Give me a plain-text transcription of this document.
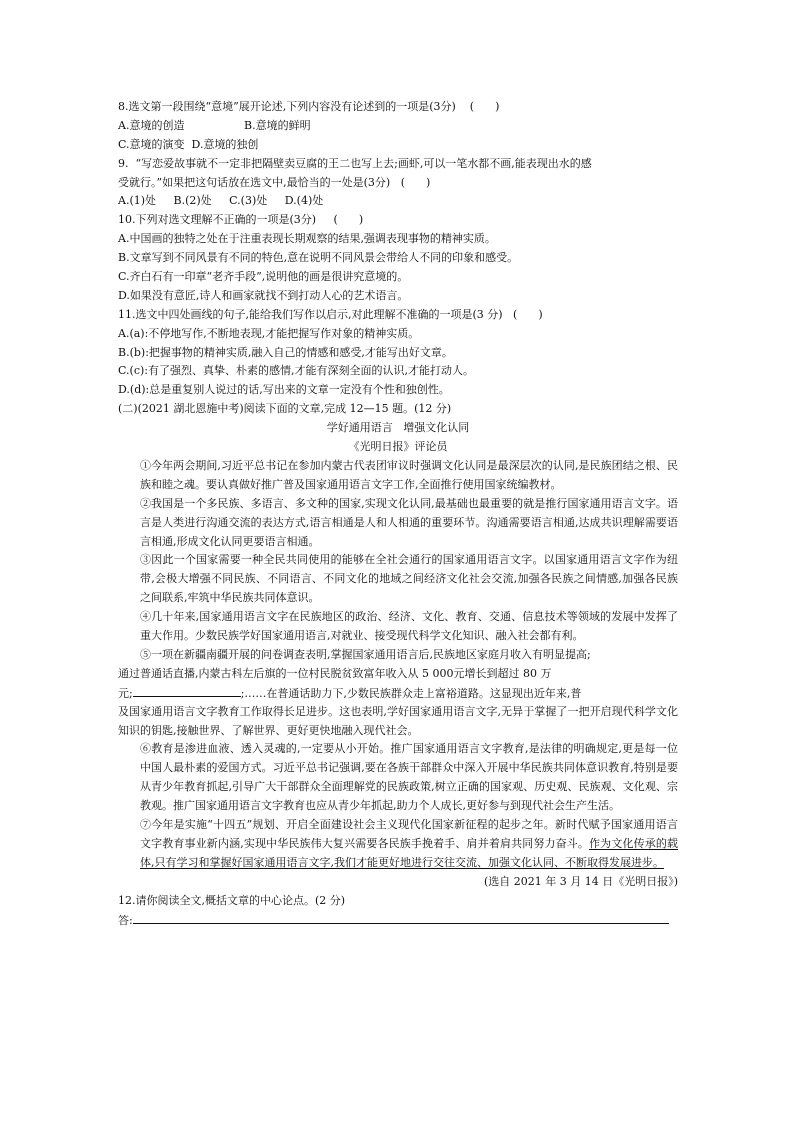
8.选文第一段围绕“意境”展开论述,下列内容没有论述到的一项是(3分)    (      )
A.意境的创造	B.意境的鲜明
C.意境的演变  D.意境的独创
9.  “写恋爱故事就不一定非把隔壁卖豆腐的王二也写上去;画虾,可以一笔水都不画,能表现出水的感
受就行。”如果把这句话放在选文中,最恰当的一处是(3分)   (      )
A.(1)处     B.(2)处     C.(3)处     D.(4)处
10.下列对选文理解不正确的一项是(3分)     (      )
A.中国画的独特之处在于注重表现长期观察的结果,强调表现事物的精神实质。
B.文章写到不同风景有不同的特色,意在说明不同风景会带给人不同的印象和感受。
C.齐白石有一印章“老齐手段”,说明他的画是很讲究意境的。
D.如果没有意匠,诗人和画家就找不到打动人心的艺术语言。
11.选文中四处画线的句子,能给我们写作以启示,对此理解不准确的一项是(3 分)   (      )
A.(a):不停地写作,不断地表现,才能把握写作对象的精神实质。
B.(b):把握事物的精神实质,融入自己的情感和感受,才能写出好文章。
C.(c):有了强烈、真挚、朴素的感情,才能有深刻全面的认识,才能打动人。
D.(d):总是重复别人说过的话,写出来的文章一定没有个性和独创性。
(二)(2021 湖北恩施中考)阅读下面的文章,完成 12—15 题。(12 分)
学好通用语言   增强文化认同
《光明日报》评论员

①今年两会期间,习近平总书记在参加内蒙古代表团审议时强调文化认同是最深层次的认同,是民族团结之根、民族和睦之魂。要认真做好推广普及国家通用语言文字工作,全面推行使用国家统编教材。

②我国是一个多民族、多语言、多文种的国家,实现文化认同,最基础也最重要的就是推行国家通用语言文字。语言是人类进行沟通交流的表达方式,语言相通是人和人相通的重要环节。沟通需要语言相通,达成共识理解需要语言相通,形成文化认同更要语言相通。

③因此一个国家需要一种全民共同使用的能够在全社会通行的国家通用语言文字。以国家通用语言文字作为纽带,会极大增强不同民族、不同语言、不同文化的地域之间经济文化社会交流,加强各民族之间情感,加强各民族之间联系,牢筑中华民族共同体意识。

④几十年来,国家通用语言文字在民族地区的政治、经济、文化、教育、交通、信息技术等领域的发展中发挥了重大作用。少数民族学好国家通用语言,对就业、接受现代科学文化知识、融入社会都有利。

⑤一项在新疆南疆开展的问卷调查表明,掌握国家通用语言后,民族地区家庭月收入有明显提高;
通过普通话直播,内蒙古科左后旗的一位村民脱贫致富年收入从 5 000元增长到超过 80 万
元;	;……在普通话助力下,少数民族群众走上富裕道路。这显现出近年来,普

及国家通用语言文字教育工作取得长足进步。这也表明,学好国家通用语言文字,无异于掌握了一把开启现代科学文化知识的钥匙,接触世界、了解世界、更好更快地融入现代社会。

⑥教育是渗进血液、透入灵魂的,一定要从小开始。推广国家通用语言文字教育,是法律的明确规定,更是每一位中国人最朴素的爱国方式。习近平总书记强调,要在各族干部群众中深入开展中华民族共同体意识教育,特别是要从青少年教育抓起,引导广大干部群众全面理解党的民族政策,树立正确的国家观、历史观、民族观、文化观、宗教观。推广国家通用语言文字教育也应从青少年抓起,助力个人成长,更好参与到现代社会生产生活。

⑦今年是实施“十四五”规划、开启全面建设社会主义现代化国家新征程的起步之年。新时代赋予国家通用语言文字教育事业新内涵,实现中华民族伟大复兴需要各民族手挽着手、肩并着肩共同努力奋斗。作为文化传承的载体,只有学习和掌握好国家通用语言文字,我们才能更好地进行交往交流、加强文化认同、不断取得发展进步。

(选自 2021 年 3 月 14 日《光明日报》)
12.请你阅读全文,概括文章的中心论点。(2 分)
答:
